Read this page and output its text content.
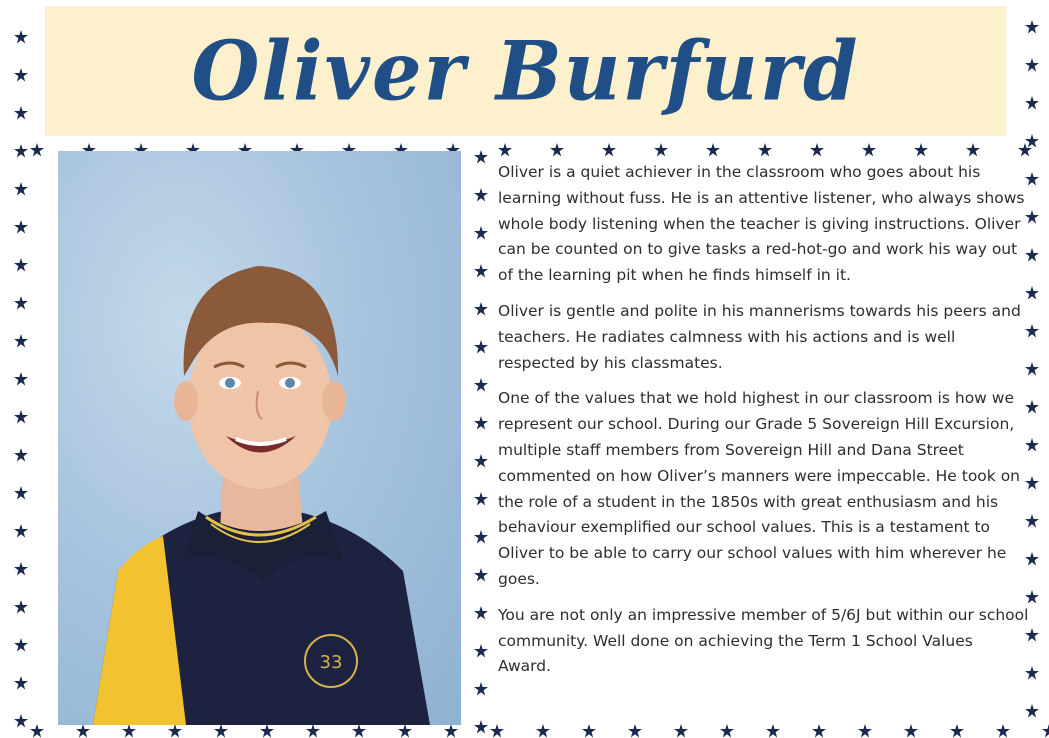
Oliver Burfurd
33

Oliver is a quiet achiever in the classroom who goes about his learning without fuss. He is an attentive listener, who always shows whole body listening when the teacher is giving instructions. Oliver can be counted on to give tasks a red-hot-go and work his way out of the learning pit when he finds himself in it.

Oliver is gentle and polite in his mannerisms towards his peers and teachers. He radiates calmness with his actions and is well respected by his classmates.

One of the values that we hold highest in our classroom is how we represent our school. During our Grade 5 Sovereign Hill Excursion, multiple staff members from Sovereign Hill and Dana Street commented on how Oliver’s manners were impeccable. He took on the role of a student in the 1850s with great enthusiasm and his behaviour exemplified our school values. This is a testament to Oliver to be able to carry our school values with him wherever he goes.

You are not only an impressive member of 5/6J but within our school community. Well done on achieving the Term 1 School Values Award.
